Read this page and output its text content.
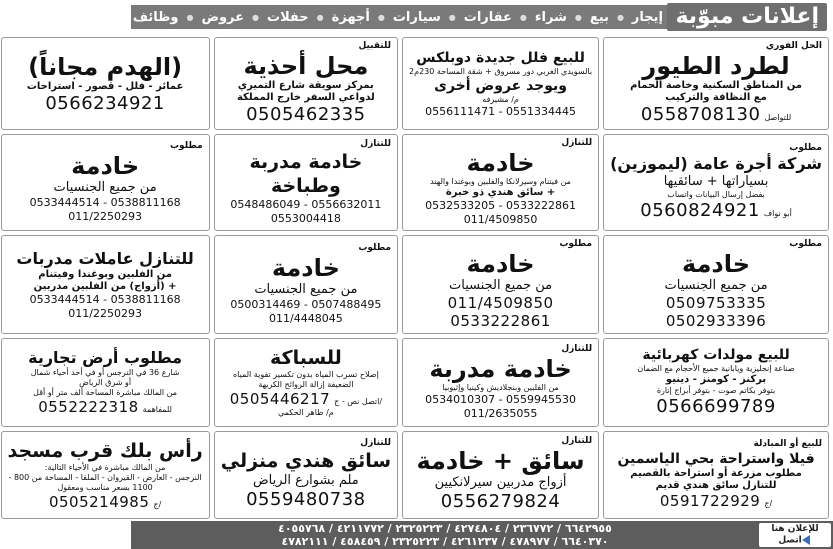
إعلانات مبوّبة
إيجار
●
بيع
●
شراء
●
عقارات
●
سيارات
●
أجهزة
●
حفلات
●
عروض
●
وظائف
الحل الفوري
لطرد الطيور
من المناطق السكنية وخاصة الحمام
مع النظافة والتركيب
0558708130 للتواصل
للبيع فلل جديدة دوبلكس
بالسويدي الغربي دور مسروق + شقة المساحة 230م2
ويوجد عروض أخرى
م/ مشيرفه
0556111471 - 0551334445
للتقبيل
محل أحذية
بمركز سويقة شارع التميري
لدواعي السفر خارج المملكة
0505462335
(الهدم مجاناً)
عمائر - فلل - قصور - استراحات
0566234921
مطلوب
شركة أجرة عامة (ليموزين)
بسياراتها + سائقيها
بفضل إرسال البيانات واتساب
0560824921 أبو نواف
للتنازل
خادمة
من فيتنام وسيرلانكا والفلبين وبوغندا والهند
+ سائق هندي ذو خبرة
0532533205 - 0533222861
011/4509850
للتنازل
خادمة مدربة
وطباخة
0548486049 - 0556632011
0553004418
مطلوب
خادمة
من جميع الجنسيات
0533444514 - 0538811168
011/2250293
مطلوب
خادمة
من جميع الجنسيات
0509753335
0502933396
مطلوب
خادمة
من جميع الجنسيات
011/4509850
0533222861
مطلوب
خادمة
من جميع الجنسيات
0500314469 - 0507488495
011/4448045
للتنازل عاملات مدربات
من الفلبين وبوغندا وفيتنام
+ (أزواج) من الفلبين مدربين
0533444514 - 0538811168
011/2250293
للبيع مولدات كهربائية
صناعة إنجليزية ويابانية جميع الأحجام مع الضمان
بركنز - كومنز - دينيو
بتوفر بكاتم صوت - بتوفر أبراج إنارة
0566699789
للتنازل
خادمة مدربة
من الفلبين وبنجلاديش وكينيا وإثيوبيا
0534010307 - 0559945530
011/2635055
للسباكة
إصلاح تسرب المياه بدون تكسير تقوية المياه
الضعيفة إزالة الروائح الكريهة
0505446217 اتصل نص - ج/
م/ طاهر الحكمي
مطلوب أرض تجارية
شارع 36 في النرجس أو في أحد أحياء شمال
أو شرق الرياض
من المالك مباشرة المساحة ألف متر أو أقل
0552222318 للمفاهمة
للبيع أو المبادلة
فيلا واستراحة بحي الياسمين
مطلوب مزرعة أو استراحة بالقصيم
للتنازل سائق هندي قديم
0591722929 ج/
للتنازل
سائق + خادمة
أزواج مدربين سيرلانكيين
0556279824
للتنازل
سائق هندي منزلي
ملم بشوارع الرياض
0559480738
رأس بلك قرب مسجد
من المالك مباشرة في الأحياء التالية:
النرجس - العارض - القيروان - الملقا - المساحة من 800 - 1100 بسعر مناسب ومعقول
0505214985 ج/
للإعلان هنا
اتصل
٦٦٤٢٩٥٥ / ٢٣٦٧٧٢ / ٤٢٧٤٨٠٤ / ٢٣٢٥٢٢٣ / ٤٢١١٧٧٢ / ٤٠٥٥٧٦٨
٦٦٤٠٣٧٠ / ٤٧٨٩٧٧ / ٤٢٦١٢٣٧ / ٢٣٢٥٢٢٣ / ٤٥٨٤٥٩ / ٤٧٨٢١١١
